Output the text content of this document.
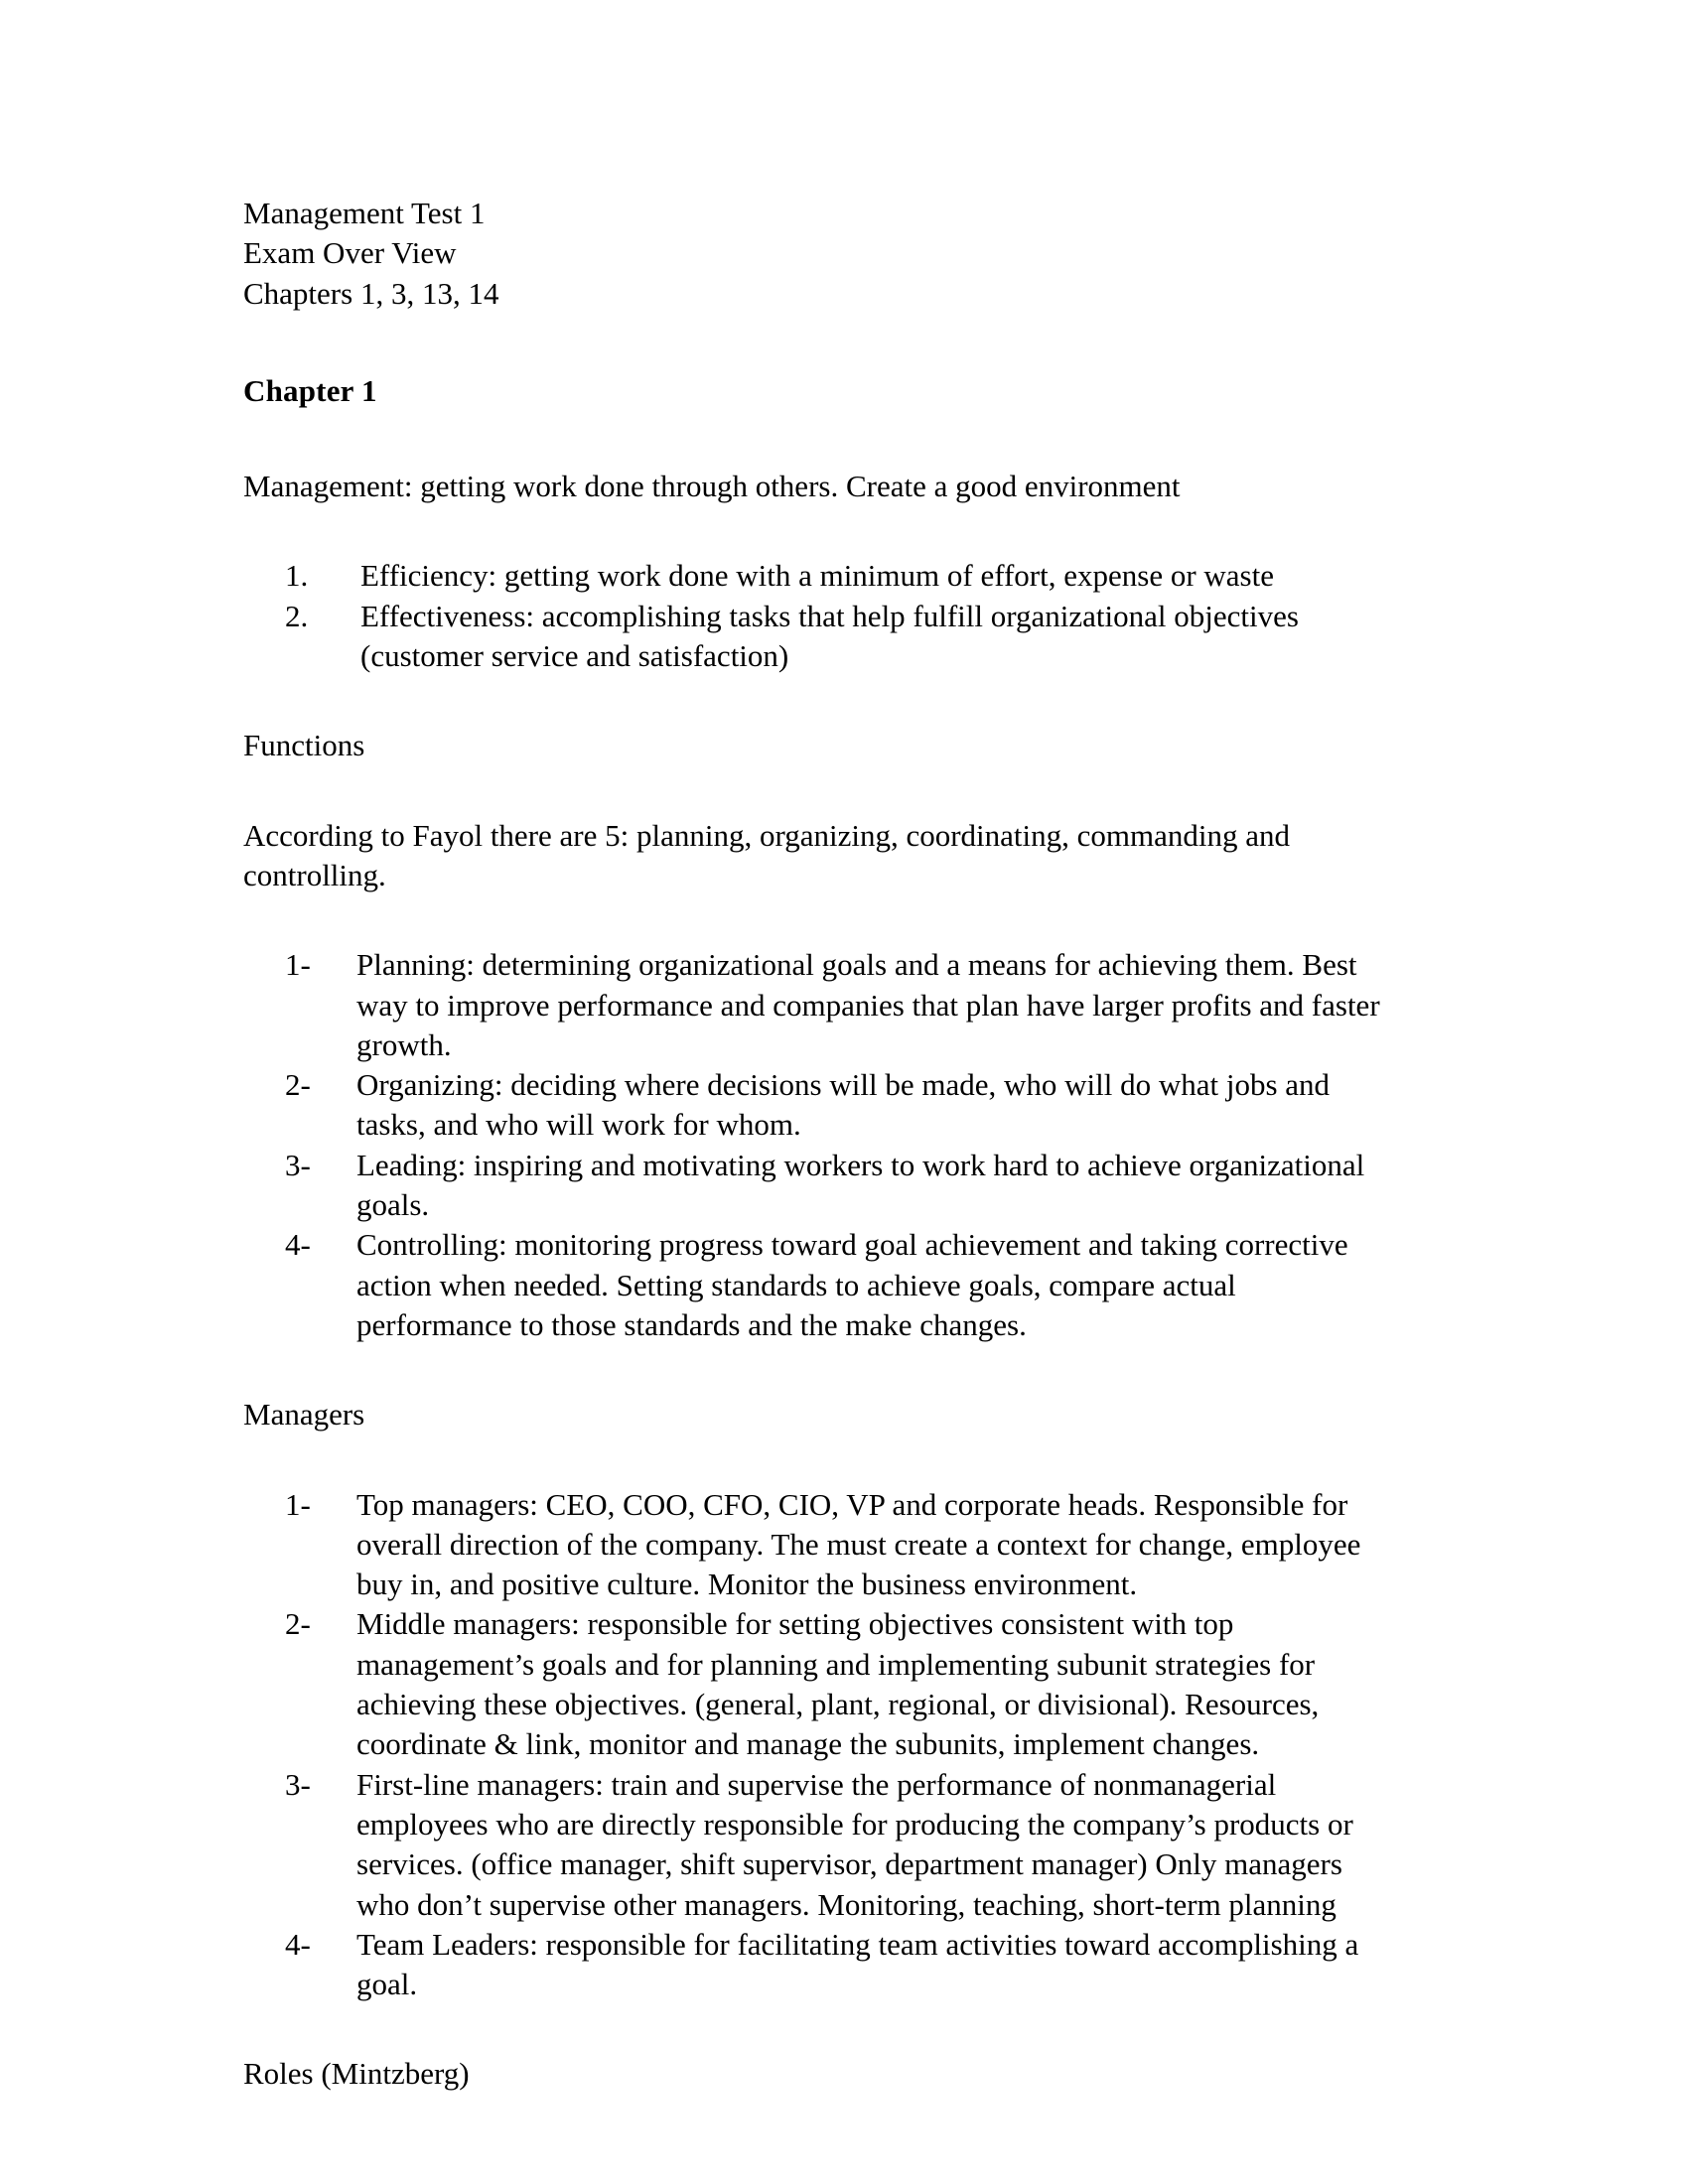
Management Test 1
Exam Over View
Chapters 1, 3, 13, 14
Chapter 1

Management: getting work done through others. Create a good environment

1.	Efficiency: getting work done with a minimum of effort, expense or waste
2.	Effectiveness: accomplishing tasks that help fulfill organizational objectives (customer service and satisfaction)

Functions

According to Fayol there are 5: planning, organizing, coordinating, commanding and controlling.

1-	Planning: determining organizational goals and a means for achieving them. Best way to improve performance and companies that plan have larger profits and faster growth.
2-	Organizing: deciding where decisions will be made, who will do what jobs and tasks, and who will work for whom.
3-	Leading: inspiring and motivating workers to work hard to achieve organizational goals.
4-	Controlling: monitoring progress toward goal achievement and taking corrective action when needed. Setting standards to achieve goals, compare actual performance to those standards and the make changes.

Managers

1-	Top managers: CEO, COO, CFO, CIO, VP and corporate heads. Responsible for overall direction of the company. The must create a context for change, employee buy in, and positive culture. Monitor the business environment.
2-	Middle managers: responsible for setting objectives consistent with top management’s goals and for planning and implementing subunit strategies for achieving these objectives. (general, plant, regional, or divisional). Resources, coordinate & link, monitor and manage the subunits, implement changes.
3-	First-line managers: train and supervise the performance of nonmanagerial employees who are directly responsible for producing the company’s products or services. (office manager, shift supervisor, department manager) Only managers who don’t supervise other managers. Monitoring, teaching, short-term planning
4-	Team Leaders: responsible for facilitating team activities toward accomplishing a goal.

Roles (Mintzberg)
